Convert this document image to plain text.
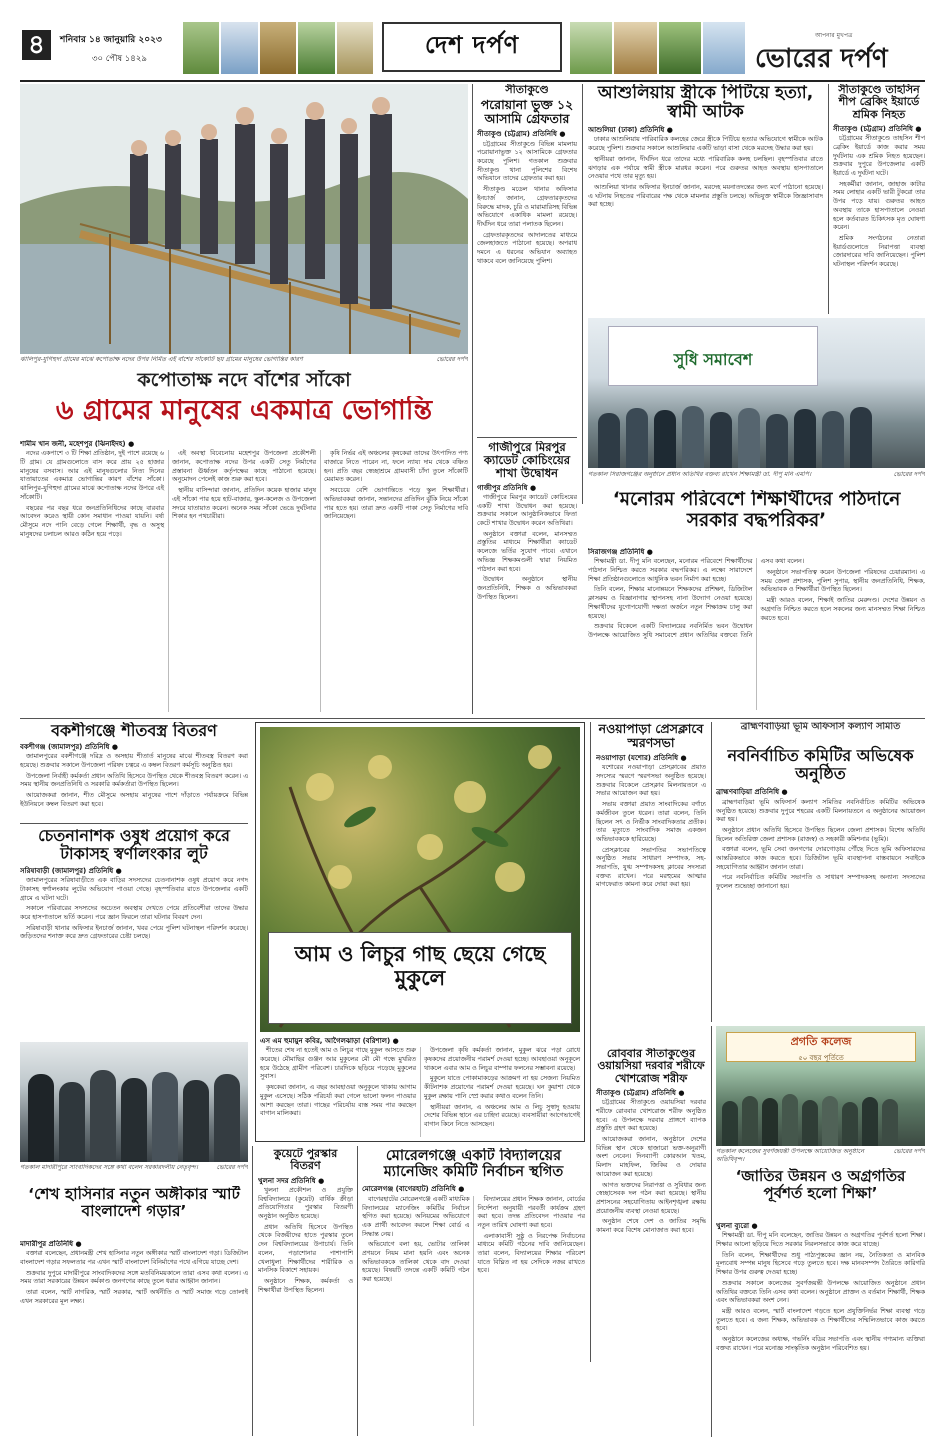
৪	শনিবার ১৪ জানুয়ারি ২০২৩
৩০ পৌষ ১৪২৯	দেশ দর্পণ	আপনার মুখপত্র
ভোরের দর্পণ
ঝালিপুর-যুগিহুদা গ্রামের মাঝে কপোতাক্ষ নদের উপর নির্মিত এই বাঁশের সাঁকোটি ছয় গ্রামের মানুষের ভোগান্তির কারণ	ভোরের দর্পণ
কপোতাক্ষ নদে বাঁশের সাঁকো
৬ গ্রামের মানুষের একমাত্র ভোগান্তি
শামীম খান জনী, মহেশপুর (ঝিনাইদহ) ●

নদের একপাশে ৩ টি শিক্ষা প্রতিষ্ঠান, দুই পাশে রয়েছে ৬ টি গ্রাম। যে গ্রামগুলোতে বাস করে প্রায় ২৫ হাজার মানুষের বসবাস। আর এই মানুষগুলোর নিত্য দিনের যাতায়াতের একমাত্র ভোগান্তির কারণ বাঁশের সাঁকো। ঝালিপুর-যুগিহুদা গ্রামের মাঝে কপোতাক্ষ নদের উপরে এই সাঁকোটি।

বছরের পর বছর ধরে জনপ্রতিনিধিদের কাছে বারবার আবেদন করেও স্থায়ী কোন সমাধান পাওয়া যায়নি। বর্ষা মৌসুমে নদে পানি বেড়ে গেলে শিক্ষার্থী, বৃদ্ধ ও অসুস্থ মানুষদের চলাচল আরও কঠিন হয়ে পড়ে।

এই অবস্থা বিবেচনায় মহেশপুর উপজেলা প্রকৌশলী জানান, কপোতাক্ষ নদের উপর একটি সেতু নির্মাণের প্রস্তাবনা ঊর্ধ্বতন কর্তৃপক্ষের কাছে পাঠানো হয়েছে। অনুমোদন পেলেই কাজ শুরু করা হবে।

স্থানীয় বাসিন্দারা জানান, প্রতিদিন কয়েক হাজার মানুষ এই সাঁকো পার হয়ে হাট-বাজার, স্কুল-কলেজ ও উপজেলা সদরে যাতায়াত করেন। অনেক সময় সাঁকো ভেঙে দুর্ঘটনার শিকার হন পথচারীরা।

কৃষি নির্ভর এই অঞ্চলের কৃষকেরা তাদের উৎপাদিত পণ্য বাজারে নিতে পারেন না, ফলে ন্যায্য দাম থেকে বঞ্চিত হন। প্রতি বছর স্বেচ্ছাশ্রমে গ্রামবাসী চাঁদা তুলে সাঁকোটি মেরামত করেন।

সবচেয়ে বেশি ভোগান্তিতে পড়ে স্কুল শিক্ষার্থীরা। অভিভাবকরা জানান, সন্তানদের প্রতিদিন ঝুঁকি নিয়ে সাঁকো পার হতে হয়। তারা দ্রুত একটি পাকা সেতু নির্মাণের দাবি জানিয়েছেন।

সীতাকুণ্ডে
পরোয়ানা ভুক্ত ১২ আসামি গ্রেফতার
সীতাকুণ্ড (চট্টগ্রাম) প্রতিনিধি ●

চট্টগ্রামের সীতাকুণ্ডে বিভিন্ন মামলায় পরোয়ানাভুক্ত ১২ আসামিকে গ্রেফতার করেছে পুলিশ। গতকাল শুক্রবার সীতাকুণ্ড থানা পুলিশের বিশেষ অভিযানে তাদের গ্রেফতার করা হয়।

সীতাকুণ্ড মডেল থানার অফিসার ইনচার্জ জানান, গ্রেফতারকৃতদের বিরুদ্ধে মাদক, চুরি ও মারামারিসহ বিভিন্ন অভিযোগে একাধিক মামলা রয়েছে। দীর্ঘদিন ধরে তারা পলাতক ছিলেন।

গ্রেফতারকৃতদের আদালতের মাধ্যমে জেলহাজতে পাঠানো হয়েছে। অপরাধ দমনে এ ধরনের অভিযান অব্যাহত থাকবে বলে জানিয়েছে পুলিশ।

গাজীপুরে মিরপুর ক্যাডেট কোচিংয়ের শাখা উদ্বোধন
গাজীপুর প্রতিনিধি ●

গাজীপুরে মিরপুর ক্যাডেট কোচিংয়ের একটি শাখা উদ্বোধন করা হয়েছে। শুক্রবার সকালে আনুষ্ঠানিকভাবে ফিতা কেটে শাখার উদ্বোধন করেন অতিথিরা।

অনুষ্ঠানে বক্তারা বলেন, মানসম্মত প্রস্তুতির মাধ্যমে শিক্ষার্থীরা ক্যাডেট কলেজে ভর্তির সুযোগ পাবে। এখানে অভিজ্ঞ শিক্ষকমণ্ডলী দ্বারা নিয়মিত পাঠদান করা হবে।

উদ্বোধন অনুষ্ঠানে স্থানীয় জনপ্রতিনিধি, শিক্ষক ও অভিভাবকরা উপস্থিত ছিলেন।

আশুলিয়ায় স্ত্রীকে পিটিয়ে হত্যা, স্বামী আটক
আশুলিয়া (ঢাকা) প্রতিনিধি ●

ঢাকার আশুলিয়ায় পারিবারিক কলহের জেরে স্ত্রীকে পিটিয়ে হত্যার অভিযোগে স্বামীকে আটক করেছে পুলিশ। শুক্রবার সকালে আশুলিয়ার একটি ভাড়া বাসা থেকে মরদেহ উদ্ধার করা হয়।

স্থানীয়রা জানান, দীর্ঘদিন ধরে তাদের মধ্যে পারিবারিক কলহ চলছিল। বৃহস্পতিবার রাতে ঝগড়ার এক পর্যায়ে স্বামী স্ত্রীকে মারধর করেন। পরে গুরুতর আহত অবস্থায় হাসপাতালে নেওয়ার পথে তার মৃত্যু হয়।

আশুলিয়া থানার অফিসার ইনচার্জ জানান, মরদেহ ময়নাতদন্তের জন্য মর্গে পাঠানো হয়েছে। এ ঘটনায় নিহতের পরিবারের পক্ষ থেকে মামলার প্রস্তুতি চলছে। অভিযুক্ত স্বামীকে জিজ্ঞাসাবাদ করা হচ্ছে।

সীতাকুণ্ডে তাহসিন শীপ ব্রেকিং ইয়ার্ডে শ্রমিক নিহত
সীতাকুণ্ড (চট্টগ্রাম) প্রতিনিধি ●

চট্টগ্রামের সীতাকুণ্ডে তাহসিন শীপ ব্রেকিং ইয়ার্ডে কাজ করার সময় দুর্ঘটনায় এক শ্রমিক নিহত হয়েছেন। শুক্রবার দুপুরে উপজেলার একটি ইয়ার্ডে এ দুর্ঘটনা ঘটে।

সহকর্মীরা জানান, জাহাজ কাটার সময় লোহার একটি ভারী টুকরো তার উপর পড়ে যায়। গুরুতর আহত অবস্থায় তাকে হাসপাতালে নেওয়া হলে কর্তব্যরত চিকিৎসক মৃত ঘোষণা করেন।

শ্রমিক সংগঠনের নেতারা ইয়ার্ডগুলোতে নিরাপত্তা ব্যবস্থা জোরদারের দাবি জানিয়েছেন। পুলিশ ঘটনাস্থল পরিদর্শন করেছে।

সুধি সমাবেশ
গতকাল সিরাজগঞ্জের অনুষ্ঠানে প্রধান অতিথির বক্তব্য রাখেন শিক্ষামন্ত্রী ডা. দীপু মনি এমপি।	ভোরের দর্পণ
‘মনোরম পরিবেশে শিক্ষার্থীদের পাঠদানে সরকার বদ্ধপরিকর’
সিরাজগঞ্জ প্রতিনিধি ●

শিক্ষামন্ত্রী ডা. দীপু মনি বলেছেন, মনোরম পরিবেশে শিক্ষার্থীদের পাঠদান নিশ্চিত করতে সরকার বদ্ধপরিকর। এ লক্ষ্যে সারাদেশে শিক্ষা প্রতিষ্ঠানগুলোতে আধুনিক ভবন নির্মাণ করা হচ্ছে।

তিনি বলেন, শিক্ষার মানোন্নয়নে শিক্ষকদের প্রশিক্ষণ, ডিজিটাল ক্লাসরুম ও বিজ্ঞানাগার স্থাপনসহ নানা উদ্যোগ নেওয়া হয়েছে। শিক্ষার্থীদের যুগোপযোগী দক্ষতা অর্জনে নতুন শিক্ষাক্রম চালু করা হয়েছে।

শুক্রবার বিকেলে একটি বিদ্যালয়ের নবনির্মিত ভবন উদ্বোধন উপলক্ষে আয়োজিত সুধি সমাবেশে প্রধান অতিথির বক্তব্যে তিনি এসব কথা বলেন।

অনুষ্ঠানে সভাপতিত্ব করেন উপজেলা পরিষদের চেয়ারম্যান। এ সময় জেলা প্রশাসক, পুলিশ সুপার, স্থানীয় জনপ্রতিনিধি, শিক্ষক, অভিভাবক ও শিক্ষার্থীরা উপস্থিত ছিলেন।

মন্ত্রী আরও বলেন, শিক্ষাই জাতির মেরুদণ্ড। দেশের উন্নয়ন ও অগ্রগতি নিশ্চিত করতে হলে সকলের জন্য মানসম্মত শিক্ষা নিশ্চিত করতে হবে।

বকশীগঞ্জে শীতবস্ত্র বিতরণ
বকশীগঞ্জ (জামালপুর) প্রতিনিধি ●

জামালপুরের বকশীগঞ্জে দরিদ্র ও অসহায় শীতার্ত মানুষের মাঝে শীতবস্ত্র বিতরণ করা হয়েছে। শুক্রবার সকালে উপজেলা পরিষদ চত্বরে এ কম্বল বিতরণ কর্মসূচি অনুষ্ঠিত হয়।

উপজেলা নির্বাহী কর্মকর্তা প্রধান অতিথি হিসেবে উপস্থিত থেকে শীতবস্ত্র বিতরণ করেন। এ সময় স্থানীয় জনপ্রতিনিধি ও সরকারি কর্মকর্তারা উপস্থিত ছিলেন।

আয়োজকরা জানান, শীত মৌসুমে অসহায় মানুষের পাশে দাঁড়াতে পর্যায়ক্রমে বিভিন্ন ইউনিয়নে কম্বল বিতরণ করা হবে।

চেতনানাশক ওষুধ প্রয়োগ করে টাকাসহ স্বর্ণালংকার লুট
সরিষাবাড়ী (জামালপুর) প্রতিনিধি ●

জামালপুরের সরিষাবাড়ীতে এক বাড়ির সদস্যদের চেতনানাশক ওষুধ প্রয়োগ করে নগদ টাকাসহ স্বর্ণালংকার লুটের অভিযোগ পাওয়া গেছে। বৃহস্পতিবার রাতে উপজেলার একটি গ্রামে এ ঘটনা ঘটে।

সকালে পরিবারের সদস্যদের অচেতন অবস্থায় দেখতে পেয়ে প্রতিবেশীরা তাদের উদ্ধার করে হাসপাতালে ভর্তি করেন। পরে জ্ঞান ফিরলে তারা ঘটনার বিবরণ দেন।

সরিষাবাড়ী থানার অফিসার ইনচার্জ জানান, খবর পেয়ে পুলিশ ঘটনাস্থল পরিদর্শন করেছে। জড়িতদের শনাক্ত করে দ্রুত গ্রেফতারের চেষ্টা চলছে।

আম ও লিচুর গাছ ছেয়ে গেছে মুকুলে
এস এম হুমায়ুন কবির, আগৈলঝাড়া (বরিশাল) ●

শীতের শেষ না হতেই আম ও লিচুর গাছে মুকুল আসতে শুরু করেছে। মৌমাছির গুঞ্জন আর মুকুলের মৌ মৌ গন্ধে মুখরিত হয়ে উঠেছে গ্রামীণ পরিবেশ। চারদিকে ছড়িয়ে পড়েছে মুকুলের সুবাস।

কৃষকেরা জানান, এ বছর আবহাওয়া অনুকূলে থাকায় আগাম মুকুল এসেছে। সঠিক পরিচর্যা করা গেলে ভালো ফলন পাওয়ার আশা করছেন তারা। গাছের পরিচর্যায় ব্যস্ত সময় পার করছেন বাগান মালিকরা।

উপজেলা কৃষি কর্মকর্তা জানান, মুকুল ঝরে পড়া রোধে কৃষকদের প্রয়োজনীয় পরামর্শ দেওয়া হচ্ছে। আবহাওয়া অনুকূলে থাকলে এবার আম ও লিচুর বাম্পার ফলনের সম্ভাবনা রয়েছে।

মুকুলে যাতে পোকামাকড়ের আক্রমণ না হয় সেজন্য নিয়মিত কীটনাশক প্রয়োগের পরামর্শ দেওয়া হয়েছে। ঘন কুয়াশা থেকে মুকুল রক্ষায় পানি স্প্রে করার কথাও বলেন তিনি।

স্থানীয়রা জানান, এ অঞ্চলের আম ও লিচু সুস্বাদু হওয়ায় দেশের বিভিন্ন স্থানে এর চাহিদা রয়েছে। ব্যবসায়ীরা আগেভাগেই বাগান কিনে নিতে আসছেন।

নওয়াপাড়া প্রেসক্লাবে স্মরণসভা
নওয়াপাড়া (যশোর) প্রতিনিধি ●

যশোরের নওয়াপাড়া প্রেসক্লাবের প্রয়াত সদস্যের স্মরণে স্মরণসভা অনুষ্ঠিত হয়েছে। শুক্রবার বিকেলে প্রেসক্লাব মিলনায়তনে এ সভার আয়োজন করা হয়।

সভায় বক্তারা প্রয়াত সাংবাদিকের বর্ণাঢ্য কর্মজীবন তুলে ধরেন। তারা বলেন, তিনি ছিলেন সৎ ও নির্ভীক সাংবাদিকতার প্রতীক। তার মৃত্যুতে সাংবাদিক সমাজ একজন অভিভাবককে হারিয়েছে।

প্রেসক্লাবের সভাপতির সভাপতিত্বে অনুষ্ঠিত সভায় সাধারণ সম্পাদক, সহ-সভাপতি, যুগ্ম সম্পাদকসহ ক্লাবের সদস্যরা বক্তব্য রাখেন। পরে মরহুমের আত্মার মাগফেরাত কামনা করে দোয়া করা হয়।

ব্রাহ্মণবাড়িয়া ভূমি অফিসার্স কল্যাণ সমিতি
নবনির্বাচিত কমিটির অভিষেক অনুষ্ঠিত
ব্রাহ্মণবাড়িয়া প্রতিনিধি ●

ব্রাহ্মণবাড়িয়া ভূমি অফিসার্স কল্যাণ সমিতির নবনির্বাচিত কমিটির অভিষেক অনুষ্ঠিত হয়েছে। শুক্রবার দুপুরে শহরের একটি মিলনায়তনে এ অনুষ্ঠানের আয়োজন করা হয়।

অনুষ্ঠানে প্রধান অতিথি হিসেবে উপস্থিত ছিলেন জেলা প্রশাসক। বিশেষ অতিথি ছিলেন অতিরিক্ত জেলা প্রশাসক (রাজস্ব) ও সহকারী কমিশনার (ভূমি)।

বক্তারা বলেন, ভূমি সেবা জনগণের দোরগোড়ায় পৌঁছে দিতে ভূমি অফিসারদের আন্তরিকভাবে কাজ করতে হবে। ডিজিটাল ভূমি ব্যবস্থাপনা বাস্তবায়নে সবাইকে সহযোগিতার আহ্বান জানান তারা।

পরে নবনির্বাচিত কমিটির সভাপতি ও সাধারণ সম্পাদকসহ অন্যান্য সদস্যদের ফুলেল শুভেচ্ছা জানানো হয়।

প্রগতি কলেজ
৫০ বছর পূর্তিতে
গতকাল কলেজের সুবর্ণজয়ন্তী উপলক্ষে আয়োজিত অনুষ্ঠানে অতিথিবৃন্দ।
ভোরের দর্পণ
‘জাতির উন্নয়ন ও অগ্রগতির পূর্বশর্ত হলো শিক্ষা’
খুলনা ব্যুরো ●

শিক্ষামন্ত্রী ডা. দীপু মনি বলেছেন, জাতির উন্নয়ন ও অগ্রগতির পূর্বশর্ত হলো শিক্ষা। শিক্ষার আলো ছড়িয়ে দিতে সরকার নিরলসভাবে কাজ করে যাচ্ছে।

তিনি বলেন, শিক্ষার্থীদের শুধু পাঠ্যপুস্তকের জ্ঞান নয়, নৈতিকতা ও মানবিক মূল্যবোধ সম্পন্ন মানুষ হিসেবে গড়ে তুলতে হবে। দক্ষ মানবসম্পদ তৈরিতে কারিগরি শিক্ষার উপর গুরুত্ব দেওয়া হচ্ছে।

শুক্রবার সকালে কলেজের সুবর্ণজয়ন্তী উপলক্ষে আয়োজিত অনুষ্ঠানে প্রধান অতিথির বক্তব্যে তিনি এসব কথা বলেন। অনুষ্ঠানে প্রাক্তন ও বর্তমান শিক্ষার্থী, শিক্ষক এবং অভিভাবকরা অংশ নেন।

মন্ত্রী আরও বলেন, স্মার্ট বাংলাদেশ গড়তে হলে প্রযুক্তিনির্ভর শিক্ষা ব্যবস্থা গড়ে তুলতে হবে। এ জন্য শিক্ষক, অভিভাবক ও শিক্ষার্থীদের সম্মিলিতভাবে কাজ করতে হবে।

অনুষ্ঠানে কলেজের অধ্যক্ষ, গভর্নিং বডির সভাপতি এবং স্থানীয় গণ্যমান্য ব্যক্তিরা বক্তব্য রাখেন। পরে মনোজ্ঞ সাংস্কৃতিক অনুষ্ঠান পরিবেশিত হয়।

গতকাল মাদারীপুরে সাংবাদিকদের সঙ্গে কথা বলেন সরকারদলীয় নেতৃবৃন্দ।	ভোরের দর্পণ
‘শেখ হাসিনার নতুন অঙ্গীকার স্মার্ট বাংলাদেশ গড়ার’
মাদারীপুর প্রতিনিধি ●

বক্তারা বলেছেন, প্রধানমন্ত্রী শেখ হাসিনার নতুন অঙ্গীকার স্মার্ট বাংলাদেশ গড়া। ডিজিটাল বাংলাদেশ গড়ার সফলতার পর এখন স্মার্ট বাংলাদেশ বিনির্মাণের পথে এগিয়ে যাচ্ছে দেশ।

শুক্রবার দুপুরে মাদারীপুরে সাংবাদিকদের সঙ্গে মতবিনিময়কালে তারা এসব কথা বলেন। এ সময় তারা সরকারের উন্নয়ন কর্মকাণ্ড জনগণের কাছে তুলে ধরার আহ্বান জানান।

তারা বলেন, স্মার্ট নাগরিক, স্মার্ট সরকার, স্মার্ট অর্থনীতি ও স্মার্ট সমাজ গড়ে তোলাই এখন সরকারের মূল লক্ষ্য।

কুয়েটে পুরস্কার বিতরণ
খুলনা সদর প্রতিনিধি ●

খুলনা প্রকৌশল ও প্রযুক্তি বিশ্ববিদ্যালয়ে (কুয়েট) বার্ষিক ক্রীড়া প্রতিযোগিতার পুরস্কার বিতরণী অনুষ্ঠান অনুষ্ঠিত হয়েছে।

প্রধান অতিথি হিসেবে উপস্থিত থেকে বিজয়ীদের হাতে পুরস্কার তুলে দেন বিশ্ববিদ্যালয়ের উপাচার্য। তিনি বলেন, পড়াশোনার পাশাপাশি খেলাধুলা শিক্ষার্থীদের শারীরিক ও মানসিক বিকাশে সহায়ক।

অনুষ্ঠানে শিক্ষক, কর্মকর্তা ও শিক্ষার্থীরা উপস্থিত ছিলেন।

মোরেলগঞ্জে একটি বিদ্যালয়ের ম্যানেজিং কমিটি নির্বাচন স্থগিত
মোরেলগঞ্জ (বাগেরহাট) প্রতিনিধি ●

বাগেরহাটের মোরেলগঞ্জে একটি মাধ্যমিক বিদ্যালয়ের ম্যানেজিং কমিটির নির্বাচন স্থগিত করা হয়েছে। অনিয়মের অভিযোগে এক প্রার্থী আবেদন করলে শিক্ষা বোর্ড এ সিদ্ধান্ত নেয়।

অভিযোগে বলা হয়, ভোটার তালিকা প্রণয়নে নিয়ম মানা হয়নি এবং অনেক অভিভাবককে তালিকা থেকে বাদ দেওয়া হয়েছে। বিষয়টি তদন্তে একটি কমিটি গঠন করা হয়েছে।

বিদ্যালয়ের প্রধান শিক্ষক জানান, বোর্ডের নির্দেশনা অনুযায়ী পরবর্তী কার্যক্রম গ্রহণ করা হবে। তদন্ত প্রতিবেদন পাওয়ার পর নতুন তারিখ ঘোষণা করা হবে।

এলাকাবাসী সুষ্ঠু ও নিরপেক্ষ নির্বাচনের মাধ্যমে কমিটি গঠনের দাবি জানিয়েছেন। তারা বলেন, বিদ্যালয়ের শিক্ষার পরিবেশ যাতে বিঘ্নিত না হয় সেদিকে নজর রাখতে হবে।

রোববার সীতাকুণ্ডের ওয়ায়সিয়া দরবার শরীফে খোশরোজ শরীফ
সীতাকুণ্ড (চট্টগ্রাম) প্রতিনিধি ●

চট্টগ্রামের সীতাকুণ্ডে ওয়ায়সিয়া দরবার শরীফে রোববার খোশরোজ শরীফ অনুষ্ঠিত হবে। এ উপলক্ষে দরবার প্রাঙ্গণে ব্যাপক প্রস্তুতি গ্রহণ করা হয়েছে।

আয়োজকরা জানান, অনুষ্ঠানে দেশের বিভিন্ন স্থান থেকে হাজারো ভক্ত-অনুরাগী অংশ নেবেন। দিনব্যাপী কোরআন খতম, মিলাদ মাহফিল, জিকির ও দোয়ার আয়োজন করা হয়েছে।

আগত ভক্তদের নিরাপত্তা ও সুবিধার জন্য স্বেচ্ছাসেবক দল গঠন করা হয়েছে। স্থানীয় প্রশাসনের সহযোগিতায় আইনশৃঙ্খলা রক্ষায় প্রয়োজনীয় ব্যবস্থা নেওয়া হয়েছে।

অনুষ্ঠান শেষে দেশ ও জাতির সমৃদ্ধি কামনা করে বিশেষ মোনাজাত করা হবে।
